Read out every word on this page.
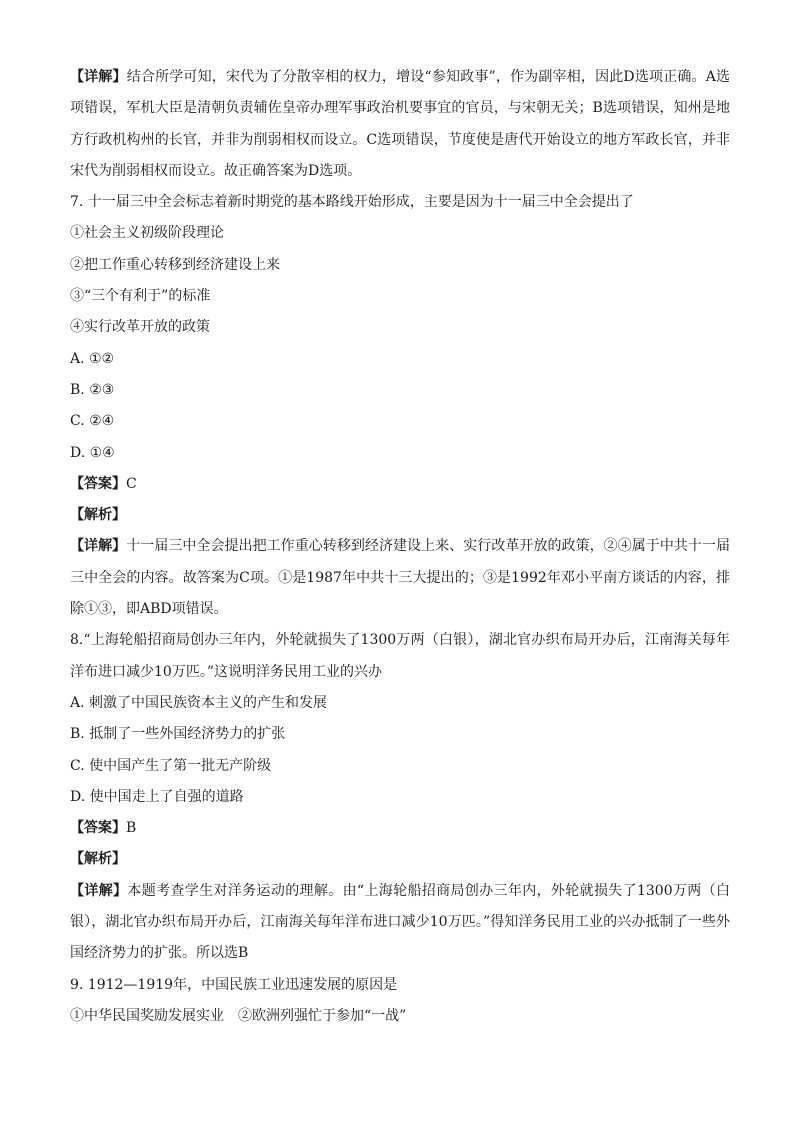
【详解】结合所学可知，宋代为了分散宰相的权力，增设“参知政事”，作为副宰相，因此D选项正确。A选项错误，军机大臣是清朝负责辅佐皇帝办理军事政治机要事宜的官员，与宋朝无关；B选项错误，知州是地方行政机构州的长官，并非为削弱相权而设立。C选项错误，节度使是唐代开始设立的地方军政长官，并非宋代为削弱相权而设立。故正确答案为D选项。
7. 十一届三中全会标志着新时期党的基本路线开始形成，主要是因为十一届三中全会提出了
①社会主义初级阶段理论
②把工作重心转移到经济建设上来
③“三个有利于”的标准
④实行改革开放的政策
A. ①②
B. ②③
C. ②④
D. ①④
【答案】C
【解析】
【详解】十一届三中全会提出把工作重心转移到经济建设上来、实行改革开放的政策，②④属于中共十一届三中全会的内容。故答案为C项。①是1987年中共十三大提出的；③是1992年邓小平南方谈话的内容，排除①③，即ABD项错误。
8.“上海轮船招商局创办三年内，外轮就损失了1300万两（白银），湖北官办织布局开办后，江南海关每年洋布进口减少10万匹。”这说明洋务民用工业的兴办
A. 刺激了中国民族资本主义的产生和发展
B. 抵制了一些外国经济势力的扩张
C. 使中国产生了第一批无产阶级
D. 使中国走上了自强的道路
【答案】B
【解析】
【详解】本题考查学生对洋务运动的理解。由“上海轮船招商局创办三年内，外轮就损失了1300万两（白银），湖北官办织布局开办后，江南海关每年洋布进口减少10万匹。”得知洋务民用工业的兴办抵制了一些外国经济势力的扩张。所以选B
9. 1912—1919年，中国民族工业迅速发展的原因是
①中华民国奖励发展实业　②欧洲列强忙于参加“一战”
